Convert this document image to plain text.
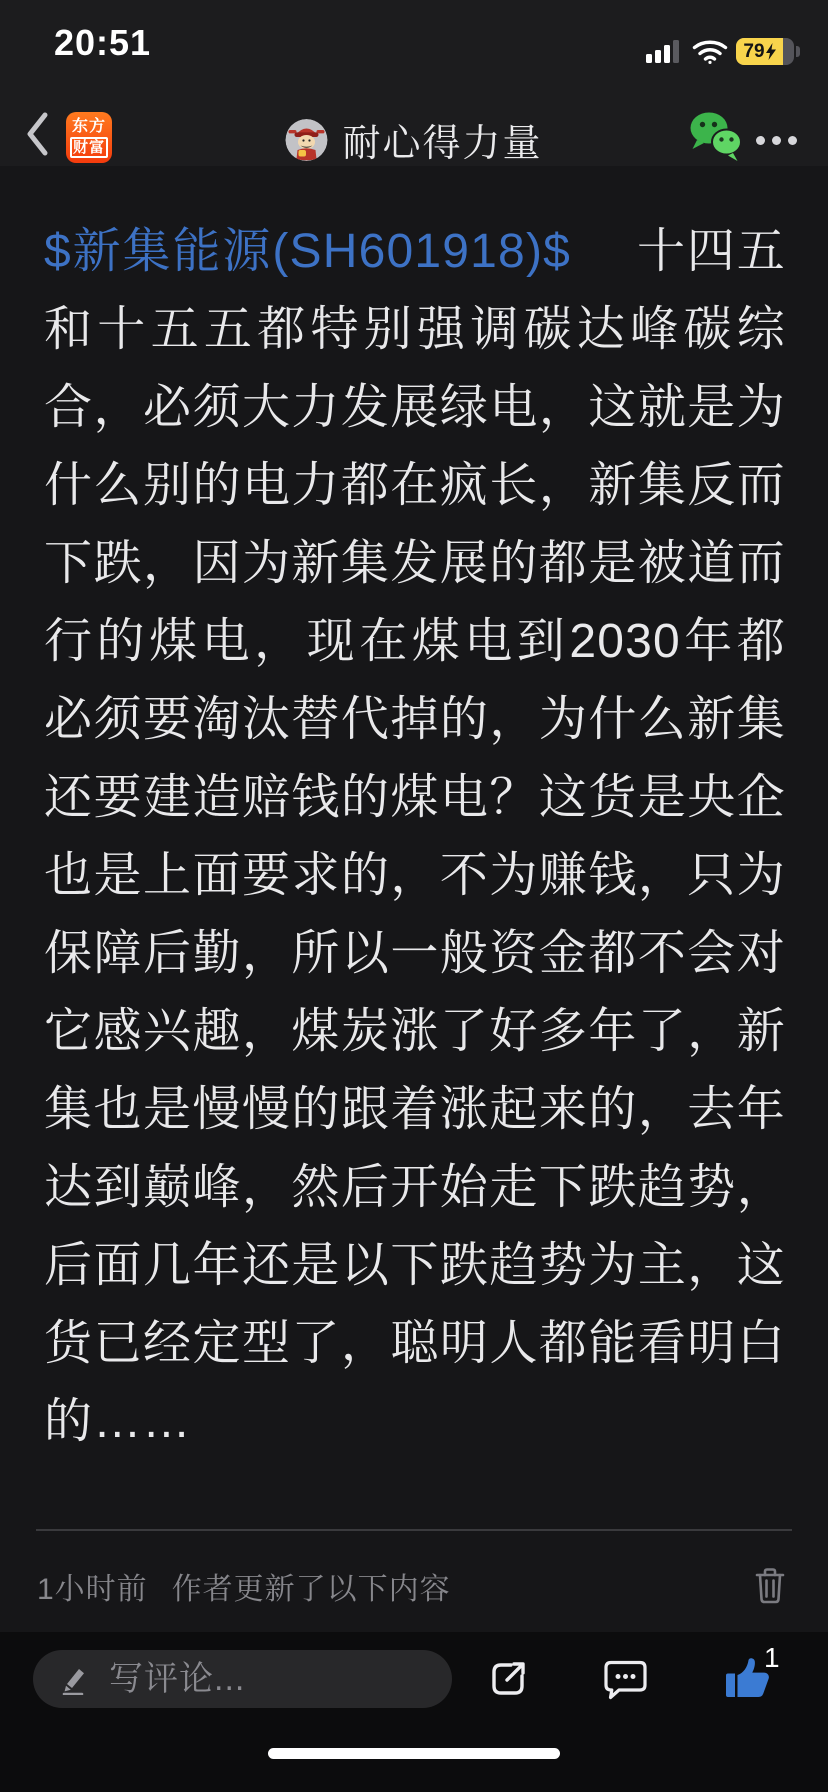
20:51	79
东方
财富	耐心得力量

$新集能源(SH601918)$　 十四五和十五五都特别强调碳达峰碳综合，必须大力发展绿电，这就是为什么别的电力都在疯长，新集反而下跌，因为新集发展的都是被道而行的煤电，现在煤电到2030年都必须要淘汰替代掉的，为什么新集还要建造赔钱的煤电？这货是央企也是上面要求的，不为赚钱，只为保障后勤，所以一般资金都不会对它感兴趣，煤炭涨了好多年了，新集也是慢慢的跟着涨起来的，去年达到巅峰，然后开始走下跌趋势，后面几年还是以下跌趋势为主，这货已经定型了，聪明人都能看明白的……

1小时前 作者更新了以下内容
写评论...
1
